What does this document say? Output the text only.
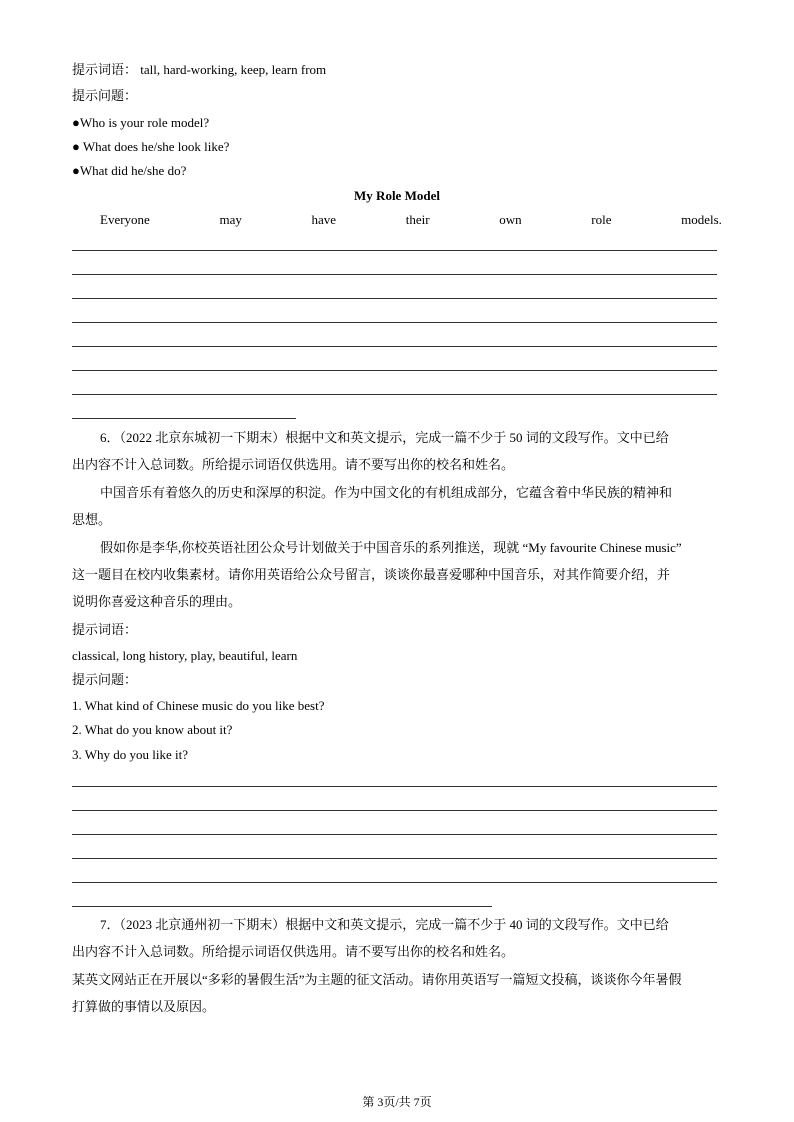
提示词语： tall, hard-working, keep, learn from
提示问题：
●Who is your role model?
● What does he/she look like?
●What did he/she do?
My Role Model
Everyone	may	have	their	own	role	models.
6．（2022 北京东城初一下期末）根据中文和英文提示，完成一篇不少于 50 词的文段写作。文中已给
出内容不计入总词数。所给提示词语仅供选用。请不要写出你的校名和姓名。
中国音乐有着悠久的历史和深厚的积淀。作为中国文化的有机组成部分，它蕴含着中华民族的精神和
思想。
假如你是李华,你校英语社团公众号计划做关于中国音乐的系列推送，现就 “My favourite Chinese music”
这一题目在校内收集素材。请你用英语给公众号留言，谈谈你最喜爱哪种中国音乐，对其作简要介绍，并
说明你喜爱这种音乐的理由。
提示词语：
classical, long history, play, beautiful, learn
提示问题：
1. What kind of Chinese music do you like best?
2. What do you know about it?
3. Why do you like it?
7．（2023 北京通州初一下期末）根据中文和英文提示，完成一篇不少于 40 词的文段写作。文中已给
出内容不计入总词数。所给提示词语仅供选用。请不要写出你的校名和姓名。
某英文网站正在开展以“多彩的暑假生活”为主题的征文活动。请你用英语写一篇短文投稿，谈谈你今年暑假
打算做的事情以及原因。
第 3页/共 7页
